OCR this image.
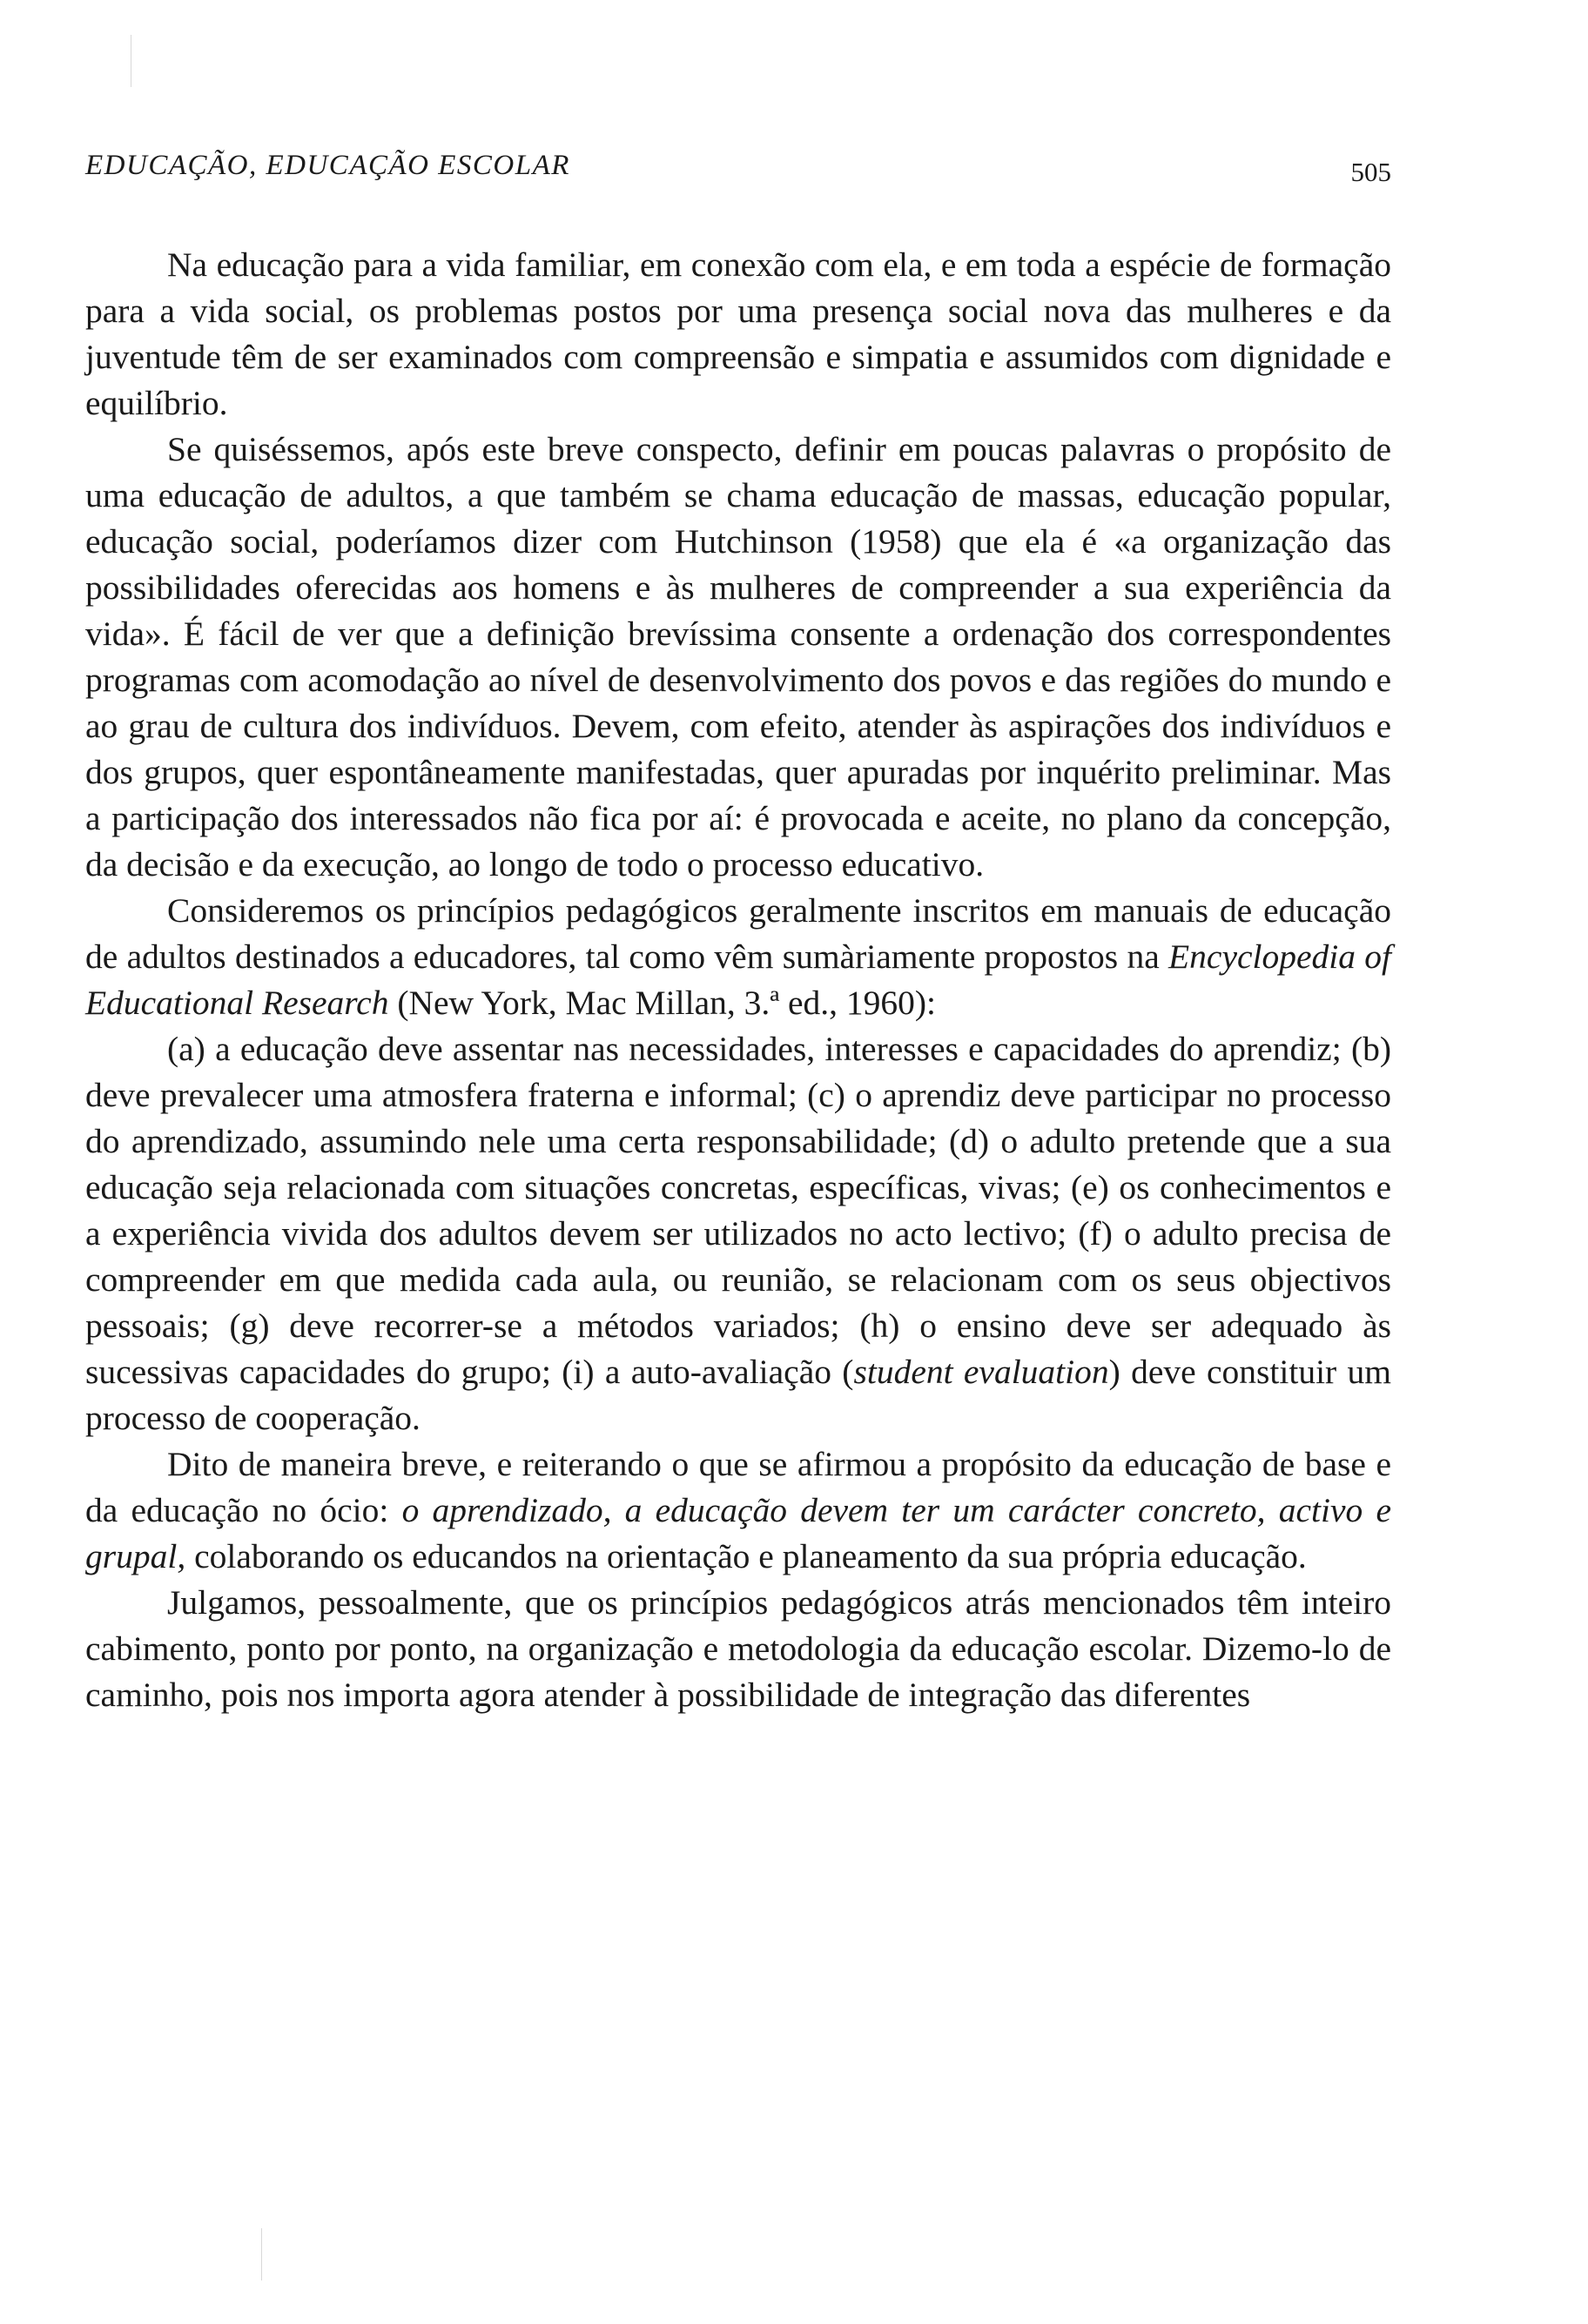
EDUCAÇÃO, EDUCAÇÃO ESCOLAR	505

Na educação para a vida familiar, em conexão com ela, e em toda a espécie de formação para a vida social, os problemas postos por uma presença social nova das mulheres e da juventude têm de ser examinados com compreensão e simpatia e assumidos com dignidade e equilíbrio.

Se quiséssemos, após este breve conspecto, definir em poucas palavras o propósito de uma educação de adultos, a que também se chama educação de massas, educação popular, educação social, poderíamos dizer com Hutchinson (1958) que ela é «a organização das possibilidades oferecidas aos homens e às mulheres de compreender a sua experiência da vida». É fácil de ver que a definição brevíssima consente a ordenação dos correspondentes programas com acomodação ao nível de desenvolvimento dos povos e das regiões do mundo e ao grau de cultura dos indivíduos. Devem, com efeito, atender às aspirações dos indivíduos e dos grupos, quer espontâneamente manifestadas, quer apuradas por inquérito preliminar. Mas a participação dos interessados não fica por aí: é provocada e aceite, no plano da concepção, da decisão e da execução, ao longo de todo o processo educativo.

Consideremos os princípios pedagógicos geralmente inscritos em manuais de educação de adultos destinados a educadores, tal como vêm sumàriamente propostos na Encyclopedia of Educational Research (New York, Mac Millan, 3.ª ed., 1960):

(a) a educação deve assentar nas necessidades, interesses e capacidades do aprendiz; (b) deve prevalecer uma atmosfera fraterna e informal; (c) o aprendiz deve participar no processo do aprendizado, assumindo nele uma certa responsabilidade; (d) o adulto pretende que a sua educação seja relacionada com situações concretas, específicas, vivas; (e) os conhecimentos e a experiência vivida dos adultos devem ser utilizados no acto lectivo; (f) o adulto precisa de compreender em que medida cada aula, ou reunião, se relacionam com os seus objectivos pessoais; (g) deve recorrer-se a métodos variados; (h) o ensino deve ser adequado às sucessivas capacidades do grupo; (i) a auto-avaliação (student evaluation) deve constituir um processo de cooperação.

Dito de maneira breve, e reiterando o que se afirmou a propósito da educação de base e da educação no ócio: o aprendizado, a educação devem ter um carácter concreto, activo e grupal, colaborando os educandos na orientação e planeamento da sua própria educação.

Julgamos, pessoalmente, que os princípios pedagógicos atrás mencionados têm inteiro cabimento, ponto por ponto, na organização e metodologia da educação escolar. Dizemo-lo de caminho, pois nos importa agora atender à possibilidade de integração das diferentes
